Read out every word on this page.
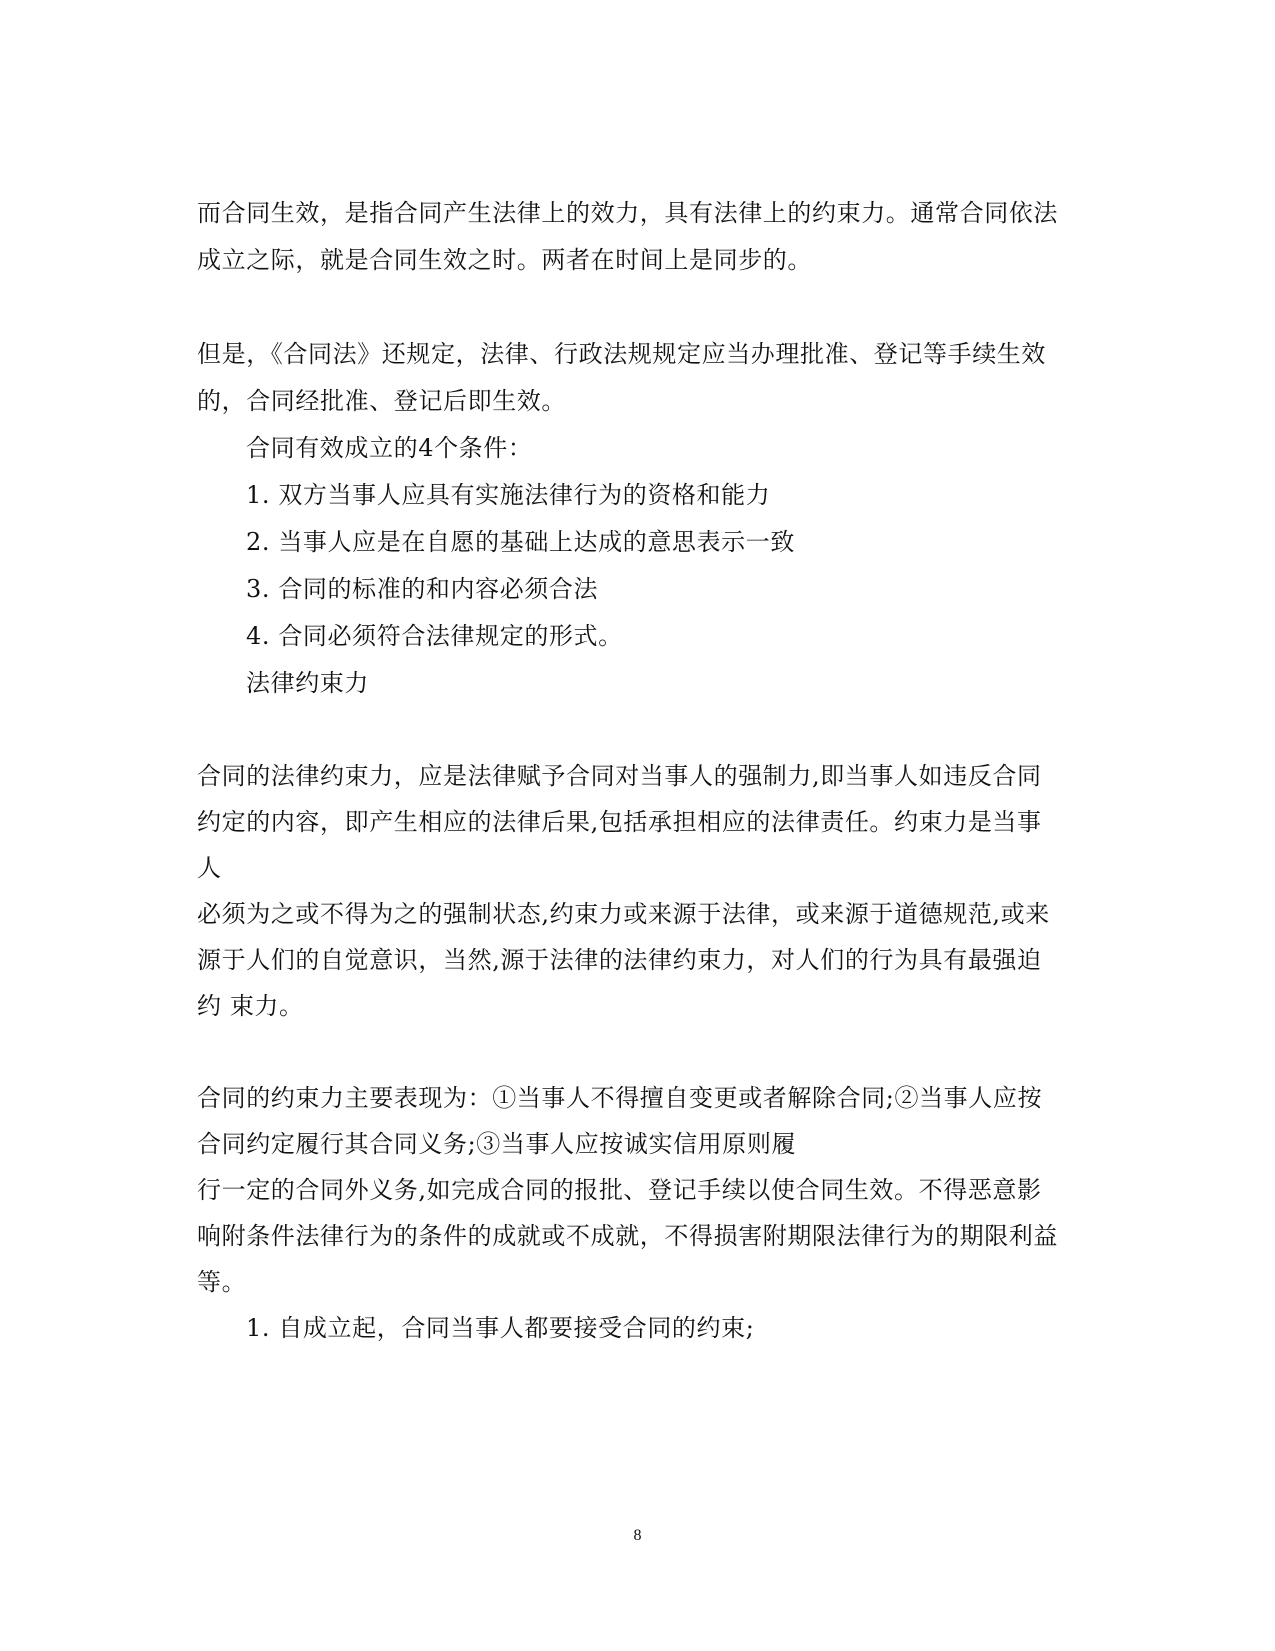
而合同生效，是指合同产生法律上的效力，具有法律上的约束力。通常合同依法
成立之际，就是合同生效之时。两者在时间上是同步的。
但是，《合同法》还规定，法律、行政法规规定应当办理批准、登记等手续生效
的，合同经批准、登记后即生效。
合同有效成立的4个条件：
1. 双方当事人应具有实施法律行为的资格和能力
2. 当事人应是在自愿的基础上达成的意思表示一致
3. 合同的标准的和内容必须合法
4. 合同必须符合法律规定的形式。
法律约束力
合同的法律约束力，应是法律赋予合同对当事人的强制力,即当事人如违反合同
约定的内容，即产生相应的法律后果,包括承担相应的法律责任。约束力是当事
人
必须为之或不得为之的强制状态,约束力或来源于法律，或来源于道德规范,或来
源于人们的自觉意识，当然,源于法律的法律约束力，对人们的行为具有最强迫
约 束力。
合同的约束力主要表现为：①当事人不得擅自变更或者解除合同;②当事人应按
合同约定履行其合同义务;③当事人应按诚实信用原则履
行一定的合同外义务,如完成合同的报批、登记手续以使合同生效。不得恶意影
响附条件法律行为的条件的成就或不成就，不得损害附期限法律行为的期限利益
等。
1. 自成立起，合同当事人都要接受合同的约束;
8
